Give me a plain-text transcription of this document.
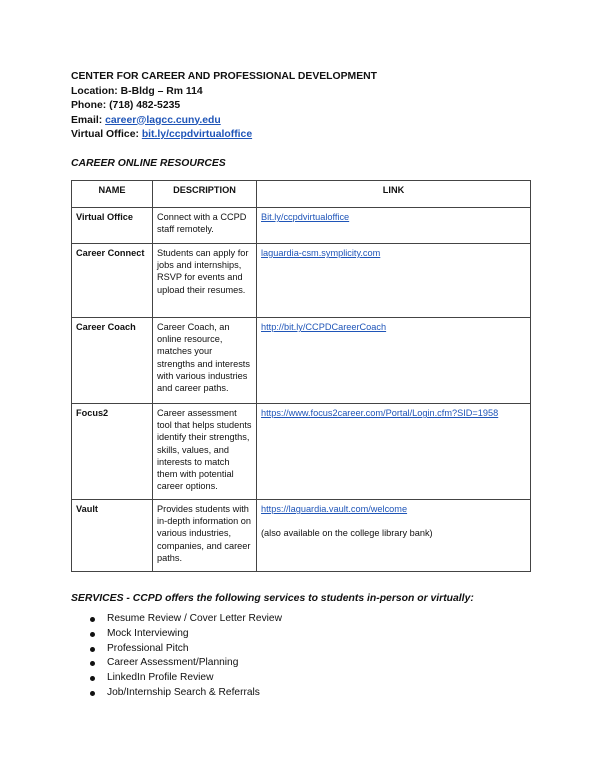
CENTER FOR CAREER AND PROFESSIONAL DEVELOPMENT
Location: B-Bldg – Rm 114
Phone: (718) 482-5235
Email: career@lagcc.cuny.edu
Virtual Office: bit.ly/ccpdvirtualoffice
CAREER ONLINE RESOURCES
NAME	DESCRIPTION	LINK
Virtual Office	Connect with a CCPD staff remotely.	Bit.ly/ccpdvirtualoffice
Career Connect	Students can apply for jobs and internships, RSVP for events and upload their resumes.	laguardia-csm.symplicity.com
Career Coach	Career Coach, an online resource, matches your strengths and interests with various industries and career paths.	http://bit.ly/CCPDCareerCoach
Focus2	Career assessment tool that helps students identify their strengths, skills, values, and interests to match them with potential career options.	https://www.focus2career.com/Portal/Login.cfm?SID=1958
Vault	Provides students with in-depth information on various industries, companies, and career paths.	https://laguardia.vault.com/welcome
(also available on the college library bank)
SERVICES - CCPD offers the following services to students in-person or virtually:
Resume Review / Cover Letter Review
Mock Interviewing
Professional Pitch
Career Assessment/Planning
LinkedIn Profile Review
Job/Internship Search & Referrals
